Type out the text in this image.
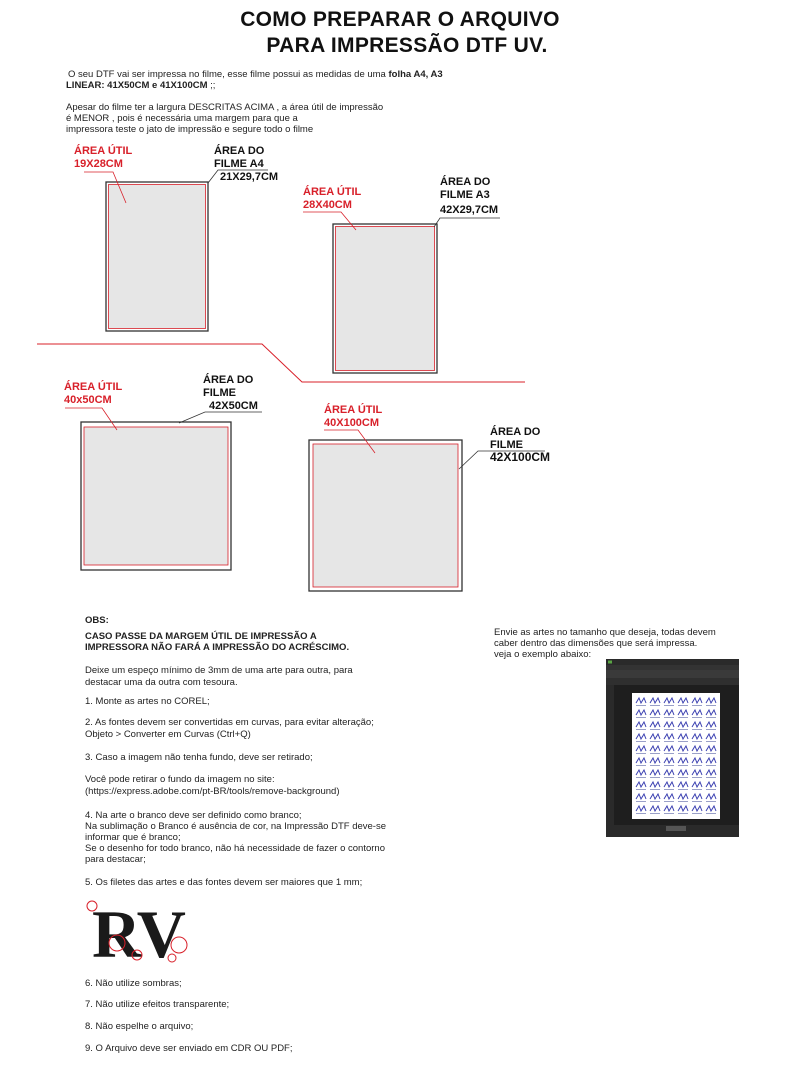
COMO PREPARAR O ARQUIVO
PARA IMPRESSÃO DTF UV.
O seu DTF vai ser impressa no filme, esse filme possui as medidas de uma folha A4, A3
LINEAR: 41X50CM e 41X100CM ;;
Apesar do filme ter a largura DESCRITAS ACIMA , a área útil de impressão
é MENOR , pois é necessária uma margem para que a
impressora teste o jato de impressão e segure todo o filme
ÁREA ÚTIL
19X28CM
ÁREA DO
FILME A4
21X29,7CM
ÁREA ÚTIL
28X40CM
ÁREA DO
FILME A3
42X29,7CM
ÁREA ÚTIL
40x50CM
ÁREA DO
FILME
42X50CM	ÁREA ÚTIL
40X100CM
ÁREA DO
FILME
42X100CM
OBS:
CASO PASSE DA MARGEM ÚTIL DE IMPRESSÃO A
IMPRESSORA NÃO FARÁ A IMPRESSÃO DO ACRÉSCIMO.
Deixe um espeço mínimo de 3mm de uma arte para outra, para
destacar uma da outra com tesoura.
1. Monte as artes no COREL;
2. As fontes devem ser convertidas em curvas, para evitar alteração;
Objeto > Converter em Curvas (Ctrl+Q)
3. Caso a imagem não tenha fundo, deve ser retirado;
Você pode retirar o fundo da imagem no site:
(https://express.adobe.com/pt-BR/tools/remove-background)
4. Na arte o branco deve ser definido como branco;
Na sublimação o Branco é ausência de cor, na Impressão DTF deve-se
informar que é branco;
Se o desenho for todo branco, não há necessidade de fazer o contorno
para destacar;
5. Os filetes das artes e das fontes devem ser maiores que 1 mm;
RV
6. Não utilize sombras;
7. Não utilize efeitos transparente;
8. Não espelhe o arquivo;
9. O Arquivo deve ser enviado em CDR OU PDF;
Envie as artes no tamanho que deseja, todas devem
caber dentro das dimensões que será impressa.
veja o exemplo abaixo:
